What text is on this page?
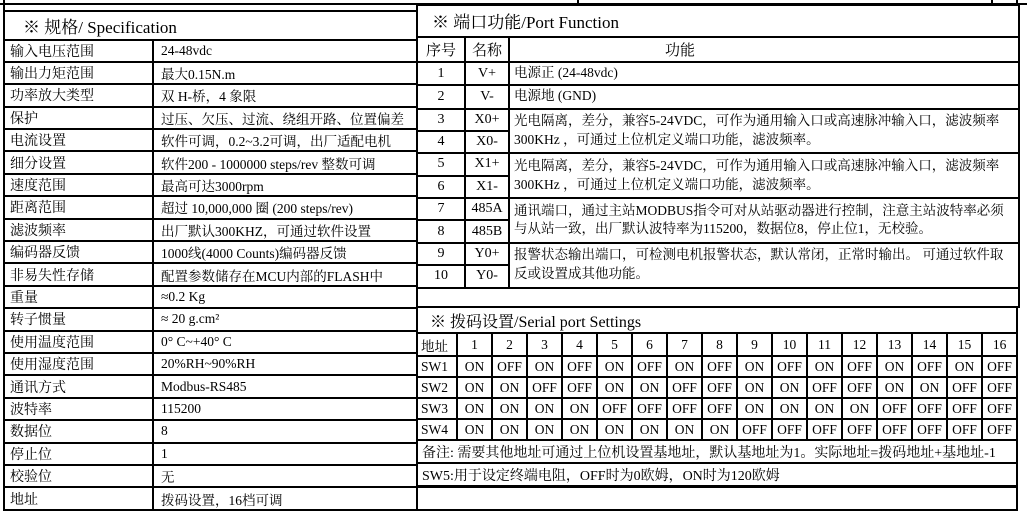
※ 规格/ Specification	
输入电压范围	24-48vdc
输出力矩范围	最大0.15N.m
功率放大类型	双 H-桥，4 象限
保护	过压、欠压、过流、绕组开路、位置偏差
电流设置	软件可调，0.2~3.2可调，出厂适配电机
细分设置	软件200 - 1000000 steps/rev 整数可调
速度范围	最高可达3000rpm
距离范围	超过 10,000,000 圈 (200 steps/rev)
滤波频率	出厂默认300KHZ，可通过软件设置
编码器反馈	1000线(4000 Counts)编码器反馈
非易失性存储	配置参数储存在MCU内部的FLASH中
重量	≈0.2 Kg
转子惯量	≈ 20 g.cm²
使用温度范围	0° C~+40° C
使用湿度范围	20%RH~90%RH
通讯方式	Modbus-RS485
波特率	115200
数据位	8
停止位	1
校验位	无
地址	拨码设置，16档可调
※ 端口功能/Port Function		
序号	名称	功能
1	V+	电源正 (24-48vdc)
2	V-	电源地 (GND)
3	X0+	光电隔离，差分，兼容5-24VDC，可作为通用输入口或高速脉冲输入口，滤波频率300KHz ，可通过上位机定义端口功能，滤波频率。
4	X0-	
5	X1+	光电隔离，差分，兼容5-24VDC，可作为通用输入口或高速脉冲输入口，滤波频率300KHz ，可通过上位机定义端口功能，滤波频率。
6	X1-	
7	485A	通讯端口，通过主站MODBUS指令可对从站驱动器进行控制，注意主站波特率必须与从站一致，出厂默认波特率为115200，数据位8，停止位1，无校验。
8	485B	
9	Y0+	报警状态输出端口，可检测电机报警状态，默认常闭，正常时输出。 可通过软件取反或设置成其他功能。
10	Y0-	

※ 拨码设置/Serial port Settings																
地址	1	2	3	4	5	6	7	8	9	10	11	12	13	14	15	16
SW1	ON	OFF	ON	OFF	ON	OFF	ON	OFF	ON	OFF	ON	OFF	ON	OFF	ON	OFF
SW2	ON	ON	OFF	OFF	ON	ON	OFF	OFF	ON	ON	OFF	OFF	ON	ON	OFF	OFF
SW3	ON	ON	ON	ON	OFF	OFF	OFF	OFF	ON	ON	ON	ON	OFF	OFF	OFF	OFF
SW4	ON	ON	ON	ON	ON	ON	ON	ON	OFF	OFF	OFF	OFF	OFF	OFF	OFF	OFF
备注: 需要其他地址可通过上位机设置基地址，默认基地址为1。实际地址=拨码地址+基地址-1																
SW5:用于设定终端电阻，OFF时为0欧姆，ON时为120欧姆																
